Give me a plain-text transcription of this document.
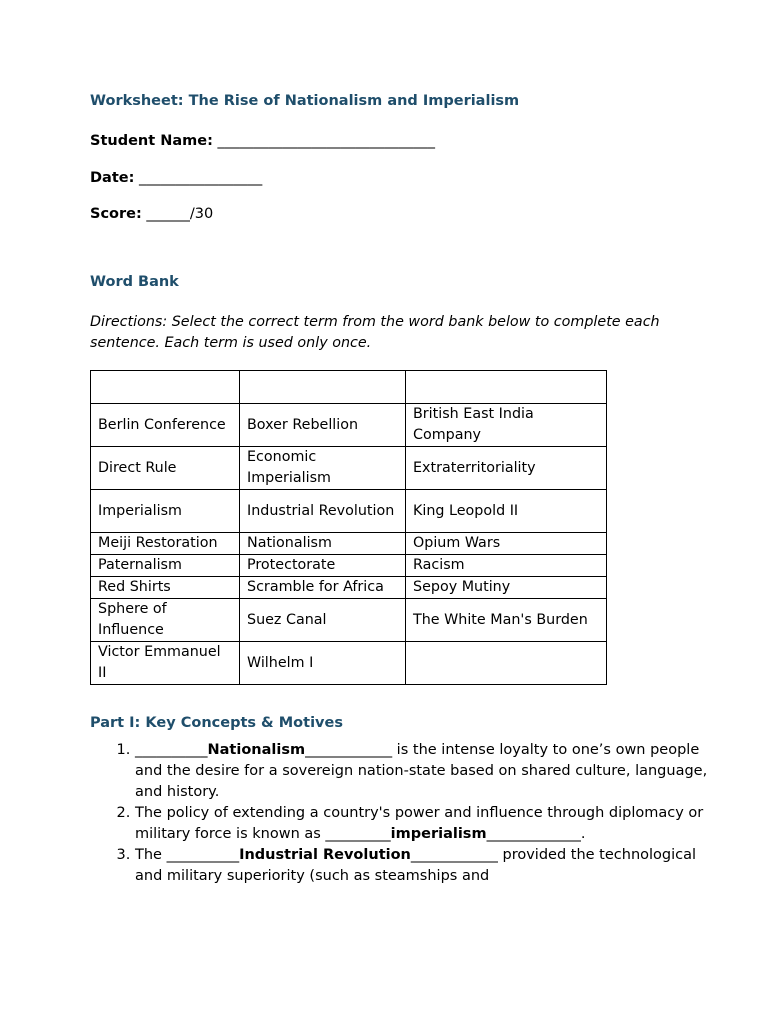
Worksheet: The Rise of Nationalism and Imperialism

Student Name: ______________________________

Date: _________________

Score: ______/30

Word Bank

Directions: Select the correct term from the word bank below to complete each sentence. Each term is used only once.

Berlin Conference	Boxer Rebellion	British East India Company
Direct Rule	Economic Imperialism	Extraterritoriality
Imperialism	Industrial Revolution	King Leopold II
Meiji Restoration	Nationalism	Opium Wars
Paternalism	Protectorate	Racism
Red Shirts	Scramble for Africa	Sepoy Mutiny
Sphere of Influence	Suez Canal	The White Man's Burden
Victor Emmanuel II	Wilhelm I	
Part I: Key Concepts & Motives
1. __________Nationalism____________ is the intense loyalty to one’s own people and the desire for a sovereign nation-state based on shared culture, language, and history.
2. The policy of extending a country's power and influence through diplomacy or military force is known as _________imperialism_____________.
3. The __________Industrial Revolution____________ provided the technological and military superiority (such as steamships and
